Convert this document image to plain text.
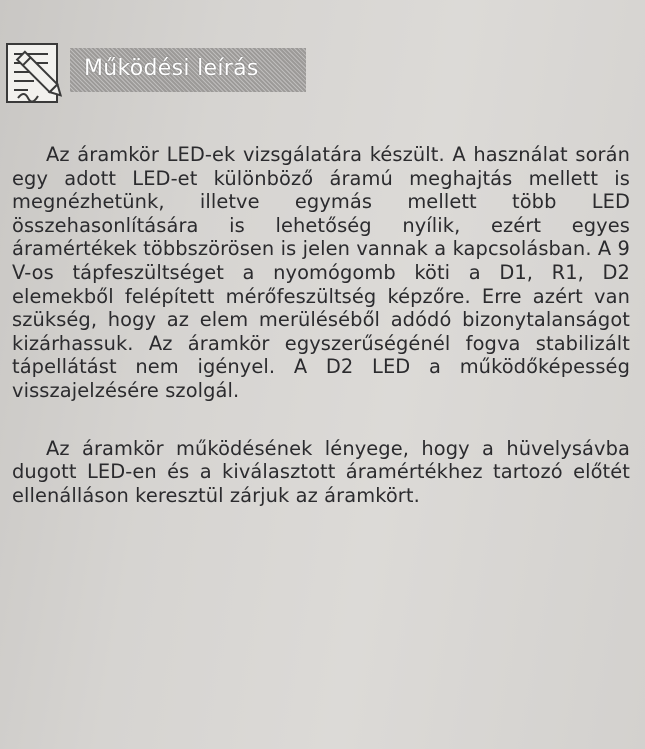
Működési leírás

Az áramkör LED-ek vizsgálatára készült. A használat során egy adott LED-et különböző áramú meghajtás mellett is megnézhetünk, illetve egymás mellett több LED összehasonlítására is lehetőség nyílik, ezért egyes áramértékek többszörösen is jelen vannak a kapcsolásban. A 9 V-os tápfeszültséget a nyomógomb köti a D1, R1, D2 elemekből felépített mérőfeszültség képzőre. Erre azért van szükség, hogy az elem merüléséből adódó bizonytalanságot kizárhassuk. Az áramkör egyszerűségénél fogva stabilizált tápellátást nem igényel. A D2 LED a működőképesség visszajelzésére szolgál.

Az áramkör működésének lényege, hogy a hüvelysávba dugott LED-en és a kiválasztott áramértékhez tartozó előtét ellenálláson keresztül zárjuk az áramkört.
